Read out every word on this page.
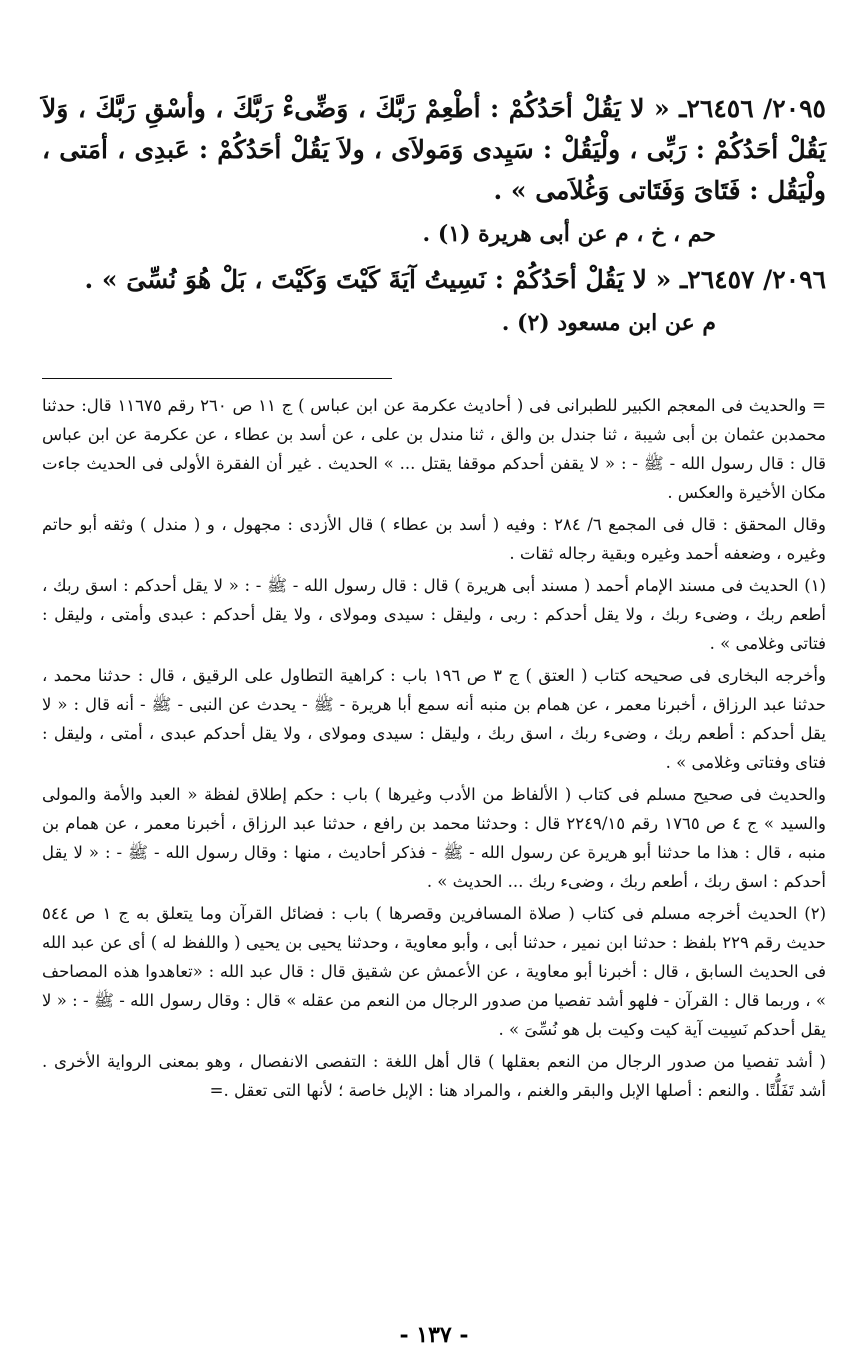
٢٠٩٥/ ٢٦٤٥٦ـ « لا يَقُلْ أحَدُكُمْ : أطْعِمْ رَبَّكَ ، وَضِّىءْ رَبَّكَ ، وأسْقِ رَبَّكَ ، وَلاَ يَقُلْ أحَدُكُمْ : رَبِّى ، ولْيَقُلْ : سَيِدى وَمَولاَى ، ولاَ يَقُلْ أحَدُكُمْ : عَبدِى ، أمَتى ، ولْيَقُل : فَتَاىَ وَفَتَاتى وَغُلاَمى » .

حم ، خ ، م عن أبى هريرة (١) .

٢٠٩٦/ ٢٦٤٥٧ـ « لا يَقُلْ أحَدُكُمْ : نَسِيتُ آيَةَ كَيْتَ وَكَيْتَ ، بَلْ هُوَ نُسِّىَ » .

م عن ابن مسعود (٢) .

= والحديث فى المعجم الكبير للطبرانى فى ( أحاديث عكرمة عن ابن عباس ) ج ١١ ص ٢٦٠ رقم ١١٦٧٥ قال: حدثنا محمدبن عثمان بن أبى شيبة ، ثنا جندل بن والق ، ثنا مندل بن على ، عن أسد بن عطاء ، عن عكرمة عن ابن عباس قال : قال رسول الله - ﷺ - : « لا يقفن أحدكم موقفا يقتل ... » الحديث . غير أن الفقرة الأولى فى الحديث جاءت مكان الأخيرة والعكس .

وقال المحقق : قال فى المجمع ٦/ ٢٨٤ : وفيه ( أسد بن عطاء ) قال الأزدى : مجهول ، و ( مندل ) وثقه أبو حاتم وغيره ، وضعفه أحمد وغيره وبقية رجاله ثقات .

(١) الحديث فى مسند الإمام أحمد ( مسند أبى هريرة ) قال : قال رسول الله - ﷺ - : « لا يقل أحدكم : اسق ربك ، أطعم ربك ، وضىء ربك ، ولا يقل أحدكم : ربى ، وليقل : سيدى ومولاى ، ولا يقل أحدكم : عبدى وأمتى ، وليقل : فتاتى وغلامى » .

وأخرجه البخارى فى صحيحه كتاب ( العتق ) ج ٣ ص ١٩٦ باب : كراهية التطاول على الرقيق ، قال : حدثنا محمد ، حدثنا عبد الرزاق ، أخبرنا معمر ، عن همام بن منبه أنه سمع أبا هريرة - ﷺ - يحدث عن النبى - ﷺ - أنه قال : « لا يقل أحدكم : أطعم ربك ، وضىء ربك ، اسق ربك ، وليقل : سيدى ومولاى ، ولا يقل أحدكم عبدى ، أمتى ، وليقل : فتاى وفتاتى وغلامى » .

والحديث فى صحيح مسلم فى كتاب ( الألفاظ من الأدب وغيرها ) باب : حكم إطلاق لفظة « العبد والأمة والمولى والسيد » ج ٤ ص ١٧٦٥ رقم ٢٢٤٩/١٥ قال : وحدثنا محمد بن رافع ، حدثنا عبد الرزاق ، أخبرنا معمر ، عن همام بن منبه ، قال : هذا ما حدثنا أبو هريرة عن رسول الله - ﷺ - فذكر أحاديث ، منها : وقال رسول الله - ﷺ - : « لا يقل أحدكم : اسق ربك ، أطعم ربك ، وضىء ربك ... الحديث » .

(٢) الحديث أخرجه مسلم فى كتاب ( صلاة المسافرين وقصرها ) باب : فضائل القرآن وما يتعلق به ج ١ ص ٥٤٤ حديث رقم ٢٢٩ بلفظ : حدثنا ابن نمير ، حدثنا أبى ، وأبو معاوية ، وحدثنا يحيى بن يحيى ( واللفظ له ) أى عن عبد الله فى الحديث السابق ، قال : أخبرنا أبو معاوية ، عن الأعمش عن شقيق قال : قال عبد الله : «تعاهدوا هذه المصاحف » ، وربما قال : القرآن - فلهو أشد تفصيا من صدور الرجال من النعم من عقله » قال : وقال رسول الله - ﷺ - : « لا يقل أحدكم نَسِيت آية كيت وكيت بل هو نُسِّىَ » .

( أشد تفصيا من صدور الرجال من النعم بعقلها ) قال أهل اللغة : التفصى الانفصال ، وهو بمعنى الرواية الأخرى . أشد تَفَلُّتًا . والنعم : أصلها الإبل والبقر والغنم ، والمراد هنا : الإبل خاصة ؛ لأنها التى تعقل .=

- ١٣٧ -
